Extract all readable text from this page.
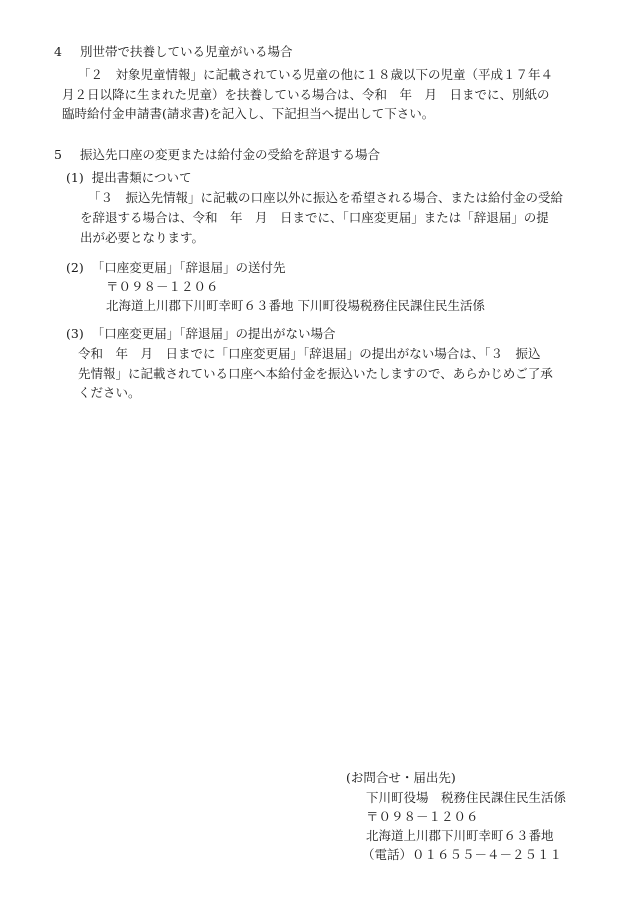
4 別世帯で扶養している児童がいる場合
「２　対象児童情報」に記載されている児童の他に１８歳以下の児童（平成１７年４
月２日以降に生まれた児童）を扶養している場合は、令和　年　月　日までに、別紙の
臨時給付金申請書(請求書)を記入し、下記担当へ提出して下さい。
5 振込先口座の変更または給付金の受給を辞退する場合
(1) 提出書類について
「３　振込先情報」に記載の口座以外に振込を希望される場合、または給付金の受給
を辞退する場合は、令和　年　月　日までに、「口座変更届」または「辞退届」の提
出が必要となります。
(2) 「口座変更届」「辞退届」の送付先
〒０９８－１２０６
北海道上川郡下川町幸町６３番地 下川町役場税務住民課住民生活係
(3) 「口座変更届」「辞退届」の提出がない場合
令和　年　月　日までに「口座変更届」「辞退届」の提出がない場合は、「３　振込
先情報」に記載されている口座へ本給付金を振込いたしますので、あらかじめご了承
ください。
(お問合せ・届出先)
下川町役場　税務住民課住民生活係
〒０９８－１２０６
北海道上川郡下川町幸町６３番地
（電話）０１６５５－４－２５１１
